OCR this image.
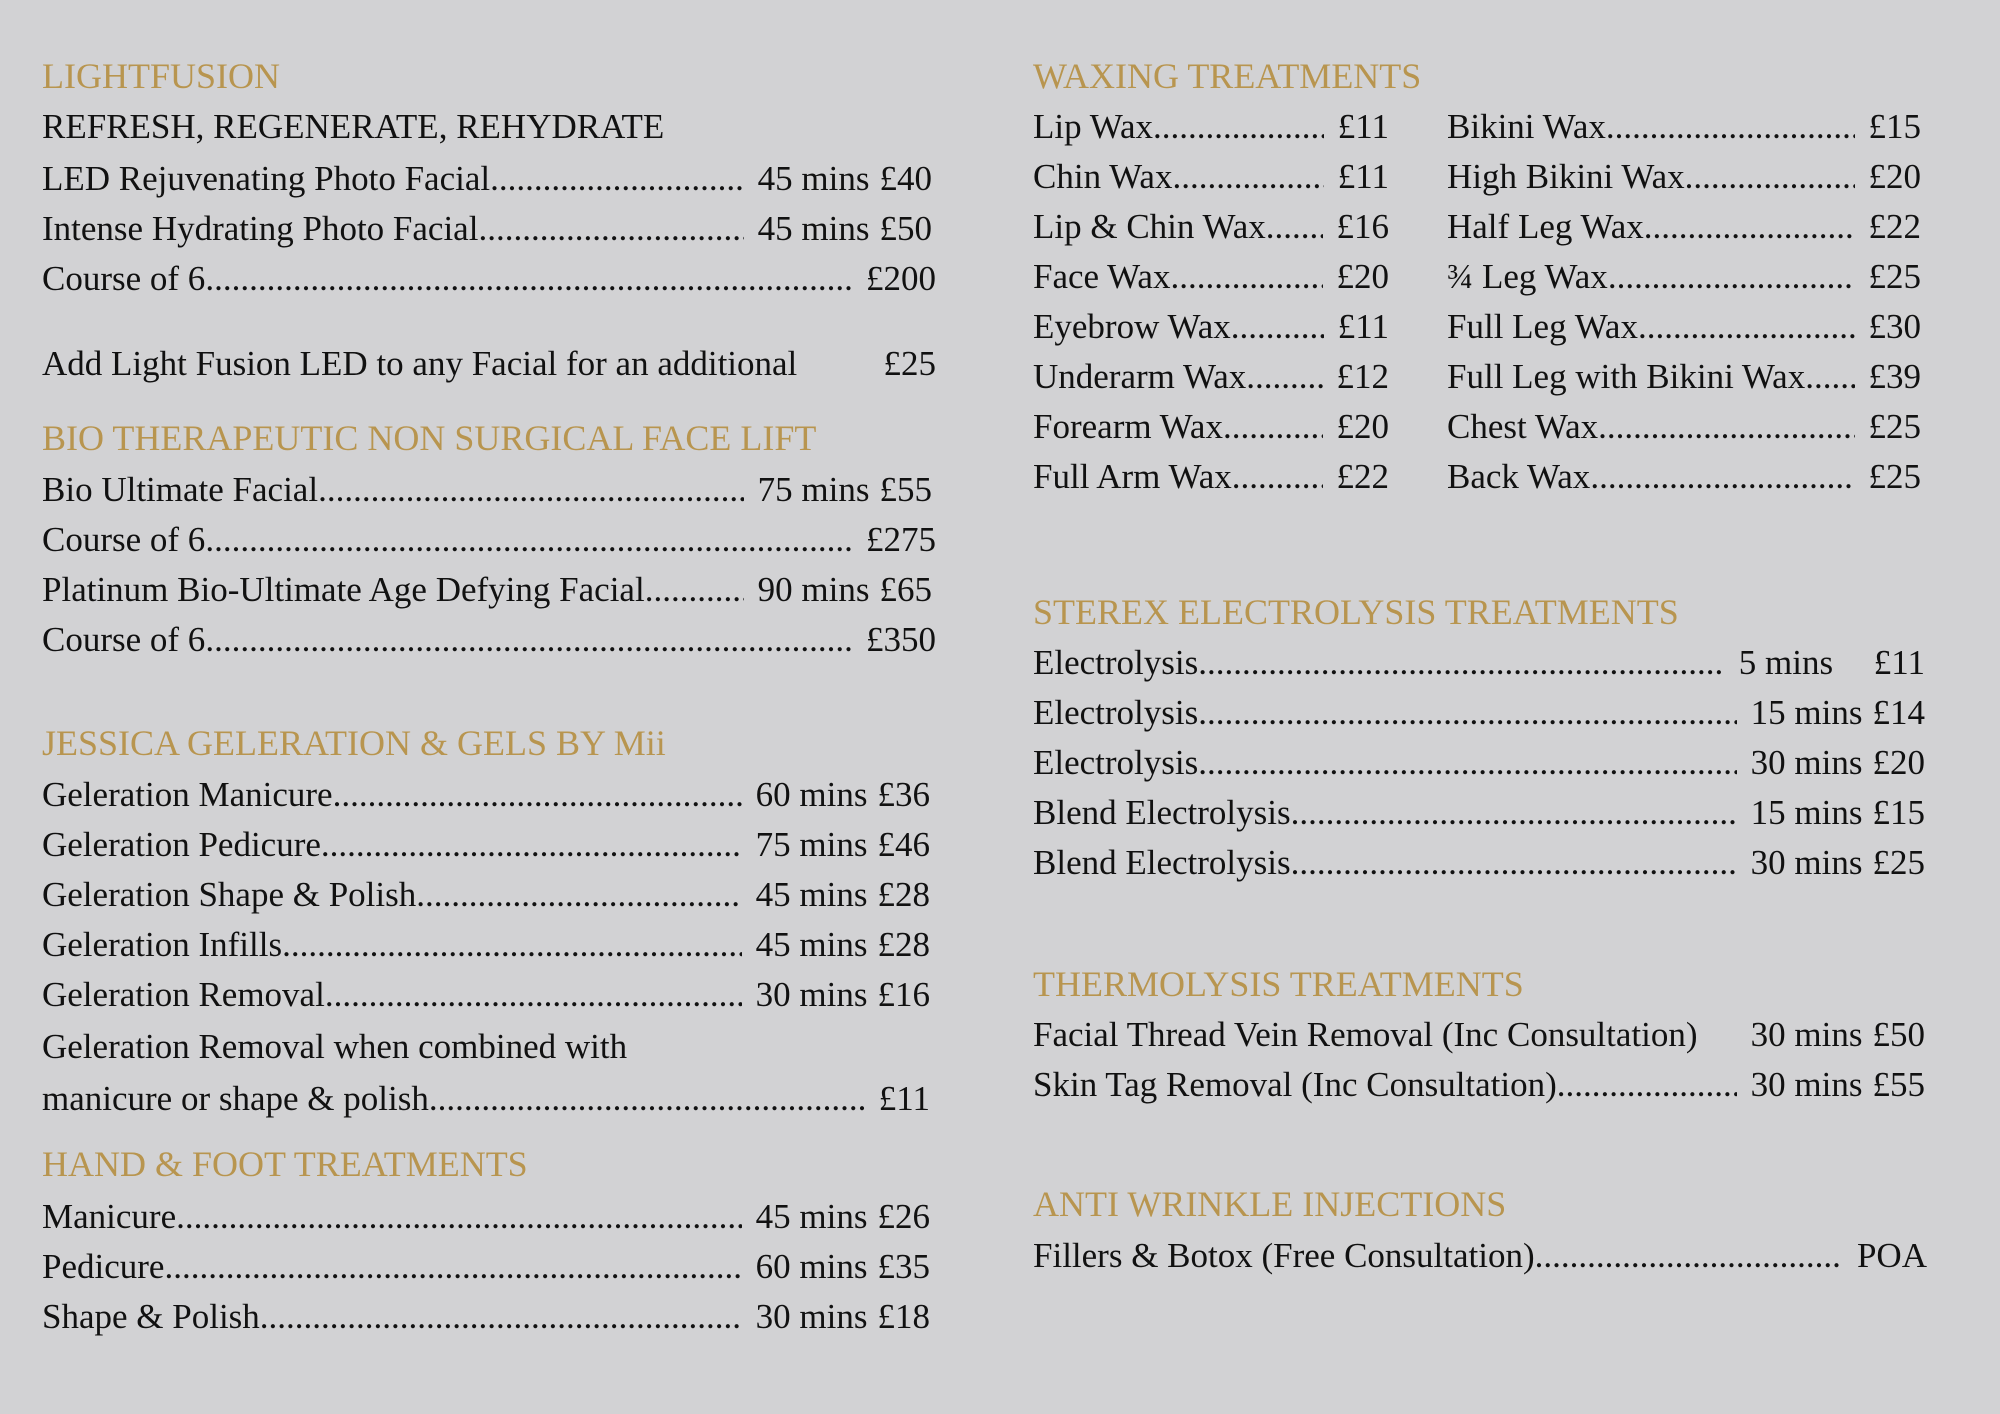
LIGHTFUSION
REFRESH, REGENERATE, REHYDRATE
LED Rejuvenating Photo Facial .....	45 mins £40
Intense Hydrating Photo Facial .....	45 mins £50
Course of 6 .....	£200
Add Light Fusion LED to any Facial for an additional £25
BIO THERAPEUTIC NON SURGICAL FACE LIFT
Bio Ultimate Facial .....	75 mins £55
Course of 6 .....	£275
Platinum Bio-Ultimate Age Defying Facial .....	90 mins £65
Course of 6 .....	£350
JESSICA GELERATION & GELS BY Mii
Geleration Manicure .....	60 mins £36
Geleration Pedicure .....	75 mins £46
Geleration Shape & Polish .....	45 mins £28
Geleration Infills .....	45 mins £28
Geleration Removal .....	30 mins £16
Geleration Removal when combined with
manicure or shape & polish .....	£11
HAND & FOOT TREATMENTS
Manicure .....	45 mins £26
Pedicure .....	60 mins £35
Shape & Polish .....	30 mins £18
WAXING TREATMENTS
Lip Wax .....	£11
Chin Wax .....	£11
Lip & Chin Wax ..... £16
Face Wax .....	£20
Eyebrow Wax .....	£11
Underarm Wax .....	£12
Forearm Wax .....	£20
Full Arm Wax .....	£22
Bikini Wax .....	£15
High Bikini Wax .....	£20
Half Leg Wax .....	£22
¾ Leg Wax .....	£25
Full Leg Wax .....	£30
Full Leg with Bikini Wax ..... £39
Chest Wax .....	£25
Back Wax .....	£25
STEREX ELECTROLYSIS TREATMENTS
Electrolysis .....	5 mins	£11
Electrolysis .....	15 mins £14
Electrolysis .....	30 mins £20
Blend Electrolysis .....	15 mins £15
Blend Electrolysis .....	30 mins £25
THERMOLYSIS TREATMENTS
Facial Thread Vein Removal (Inc Consultation) 30 mins £50
Skin Tag Removal (Inc Consultation) .....	30 mins £55
ANTI WRINKLE INJECTIONS
Fillers & Botox (Free Consultation) .....	POA
